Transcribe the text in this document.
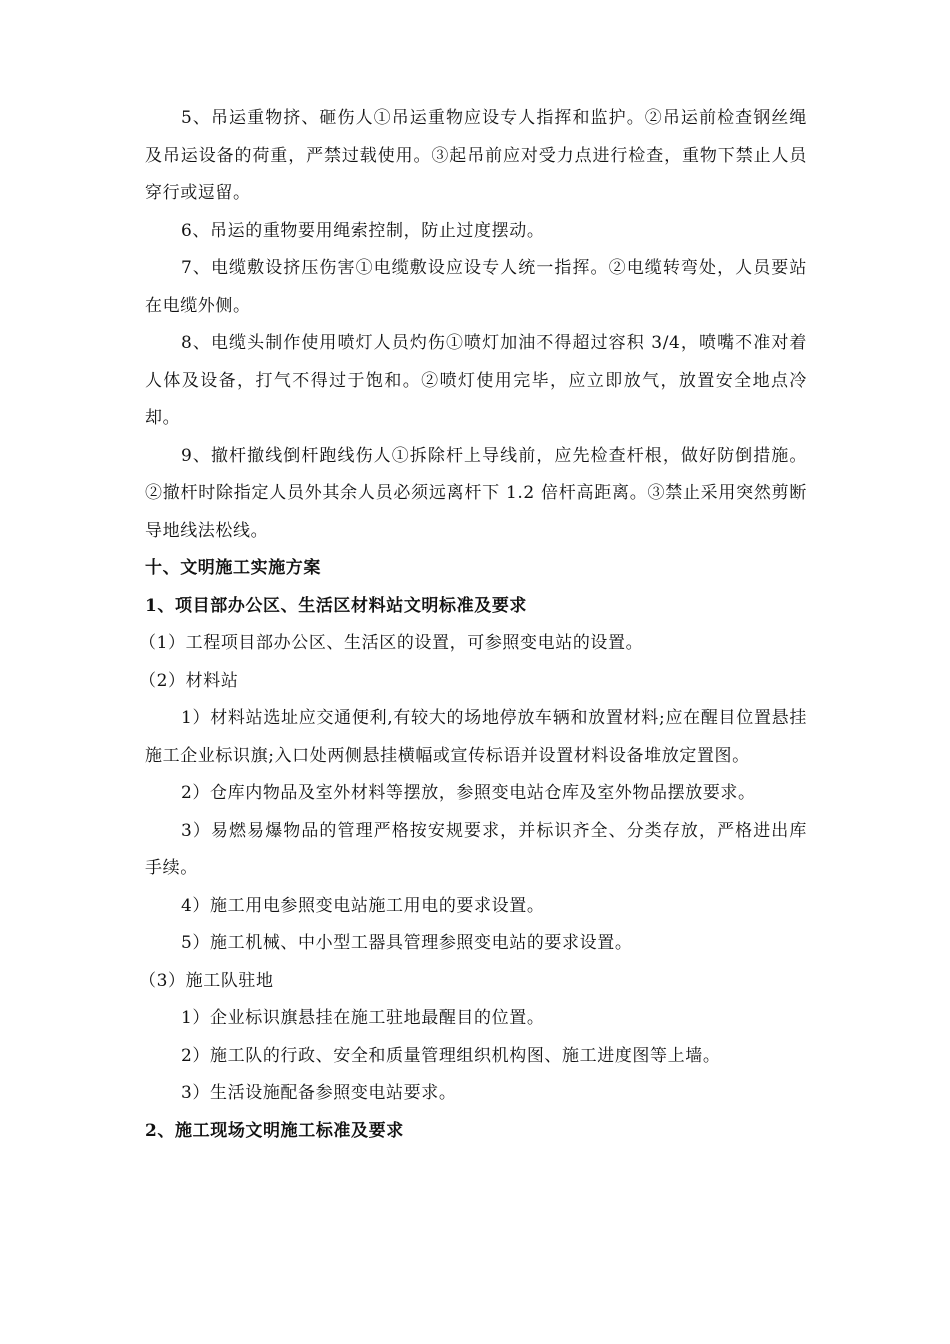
5、吊运重物挤、砸伤人①吊运重物应设专人指挥和监护。②吊运前检查钢丝绳及吊运设备的荷重，严禁过载使用。③起吊前应对受力点进行检查，重物下禁止人员穿行或逗留。

6、吊运的重物要用绳索控制，防止过度摆动。

7、电缆敷设挤压伤害①电缆敷设应设专人统一指挥。②电缆转弯处，人员要站在电缆外侧。

8、电缆头制作使用喷灯人员灼伤①喷灯加油不得超过容积 3/4，喷嘴不准对着人体及设备，打气不得过于饱和。②喷灯使用完毕，应立即放气，放置安全地点冷却。

9、撤杆撤线倒杆跑线伤人①拆除杆上导线前，应先检查杆根，做好防倒措施。 ②撤杆时除指定人员外其余人员必须远离杆下 1.2 倍杆高距离。③禁止采用突然剪断导地线法松线。

十、文明施工实施方案

1、项目部办公区、生活区材料站文明标准及要求

（1）工程项目部办公区、生活区的设置，可参照变电站的设置。

（2）材料站

1）材料站选址应交通便利,有较大的场地停放车辆和放置材料;应在醒目位置悬挂施工企业标识旗;入口处两侧悬挂横幅或宣传标语并设置材料设备堆放定置图。

2）仓库内物品及室外材料等摆放，参照变电站仓库及室外物品摆放要求。

3）易燃易爆物品的管理严格按安规要求，并标识齐全、分类存放，严格进出库手续。

4）施工用电参照变电站施工用电的要求设置。

5）施工机械、中小型工器具管理参照变电站的要求设置。

（3）施工队驻地

1）企业标识旗悬挂在施工驻地最醒目的位置。

2）施工队的行政、安全和质量管理组织机构图、施工进度图等上墙。

3）生活设施配备参照变电站要求。

2、施工现场文明施工标准及要求
